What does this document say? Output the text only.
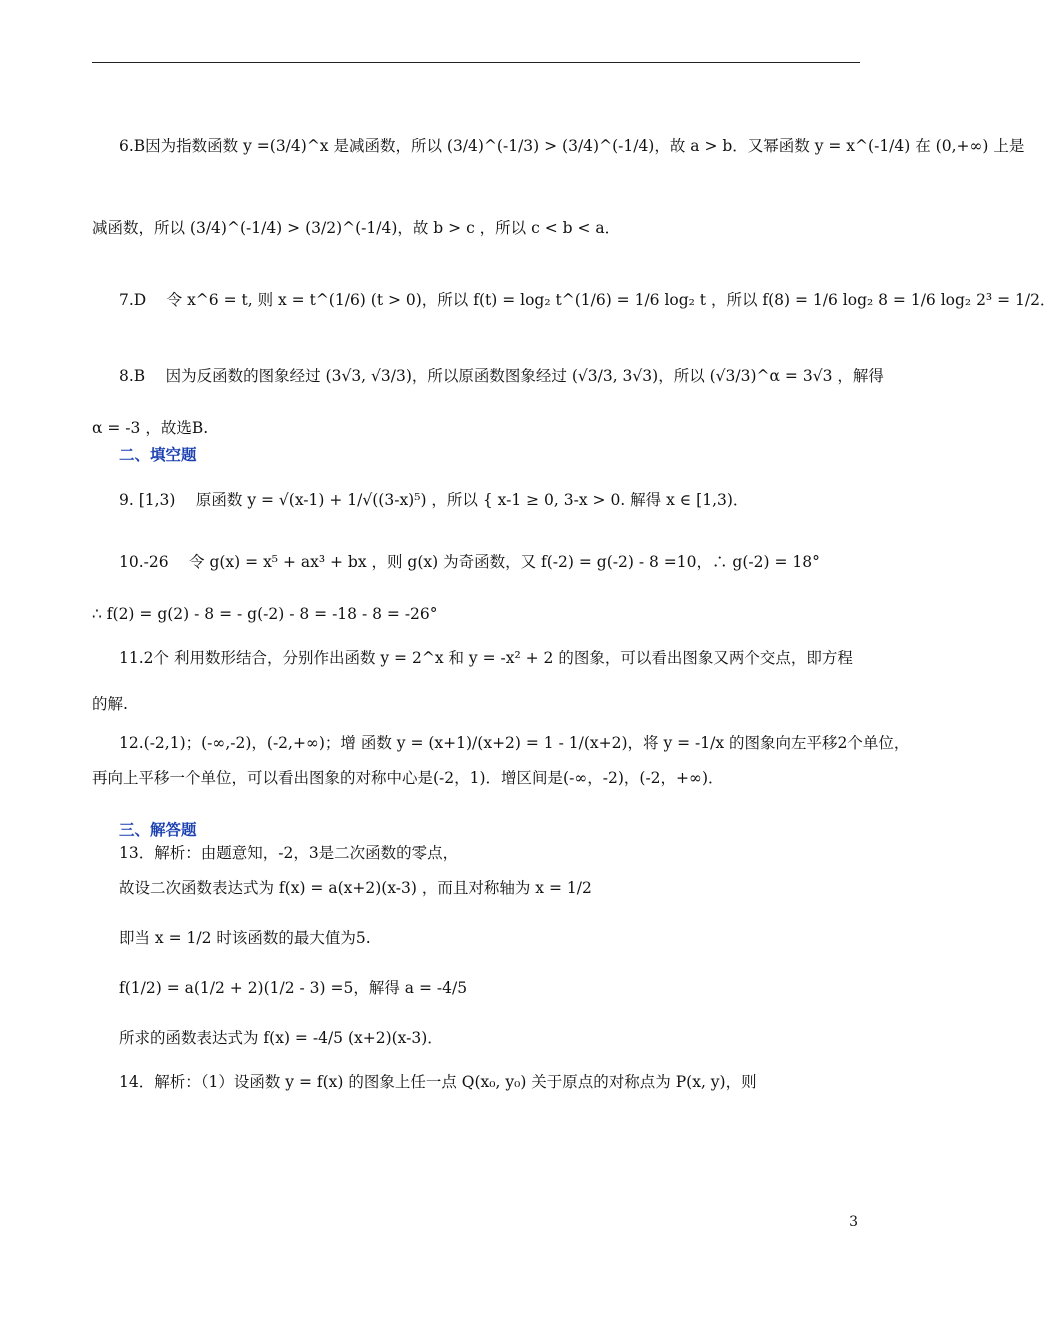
6.B因为指数函数 y =(3/4)^x 是减函数，所以 (3/4)^(-1/3) > (3/4)^(-1/4)，故 a > b．又幂函数 y = x^(-1/4) 在 (0,+∞) 上是
减函数，所以 (3/4)^(-1/4) > (3/2)^(-1/4)，故 b > c ，所以 c < b < a．
7.D　 令 x^6 = t, 则 x = t^(1/6) (t > 0)，所以 f(t) = log₂ t^(1/6) = 1/6 log₂ t ，所以 f(8) = 1/6 log₂ 8 = 1/6 log₂ 2³ = 1/2．
8.B　 因为反函数的图象经过 (3√3, √3/3)，所以原函数图象经过 (√3/3, 3√3)，所以 (√3/3)^α = 3√3 ，解得
α = -3 ，故选B.
二、填空题
9. [1,3)　 原函数 y = √(x-1) + 1/√((3-x)⁵) ，所以 { x-1 ≥ 0, 3-x > 0. 解得 x ∈ [1,3)．
10.-26　 令 g(x) = x⁵ + ax³ + bx ，则 g(x) 为奇函数，又 f(-2) = g(-2) - 8 =10，∴ g(-2) = 18°
∴ f(2) = g(2) - 8 = - g(-2) - 8 = -18 - 8 = -26°
11.2个 利用数形结合，分别作出函数 y = 2^x 和 y = -x² + 2 的图象，可以看出图象又两个交点，即方程
的解.
12.(-2,1)；(-∞,-2)，(-2,+∞)；增 函数 y = (x+1)/(x+2) = 1 - 1/(x+2)，将 y = -1/x 的图象向左平移2个单位，
再向上平移一个单位，可以看出图象的对称中心是(-2，1)．增区间是(-∞，-2)，(-2，+∞)．
三、解答题
13．解析：由题意知，-2，3是二次函数的零点，
故设二次函数表达式为 f(x) = a(x+2)(x-3) ，而且对称轴为 x = 1/2
即当 x = 1/2 时该函数的最大值为5.
f(1/2) = a(1/2 + 2)(1/2 - 3) =5，解得 a = -4/5
所求的函数表达式为 f(x) = -4/5 (x+2)(x-3)．
14．解析：（1）设函数 y = f(x) 的图象上任一点 Q(x₀, y₀) 关于原点的对称点为 P(x, y)，则
3
